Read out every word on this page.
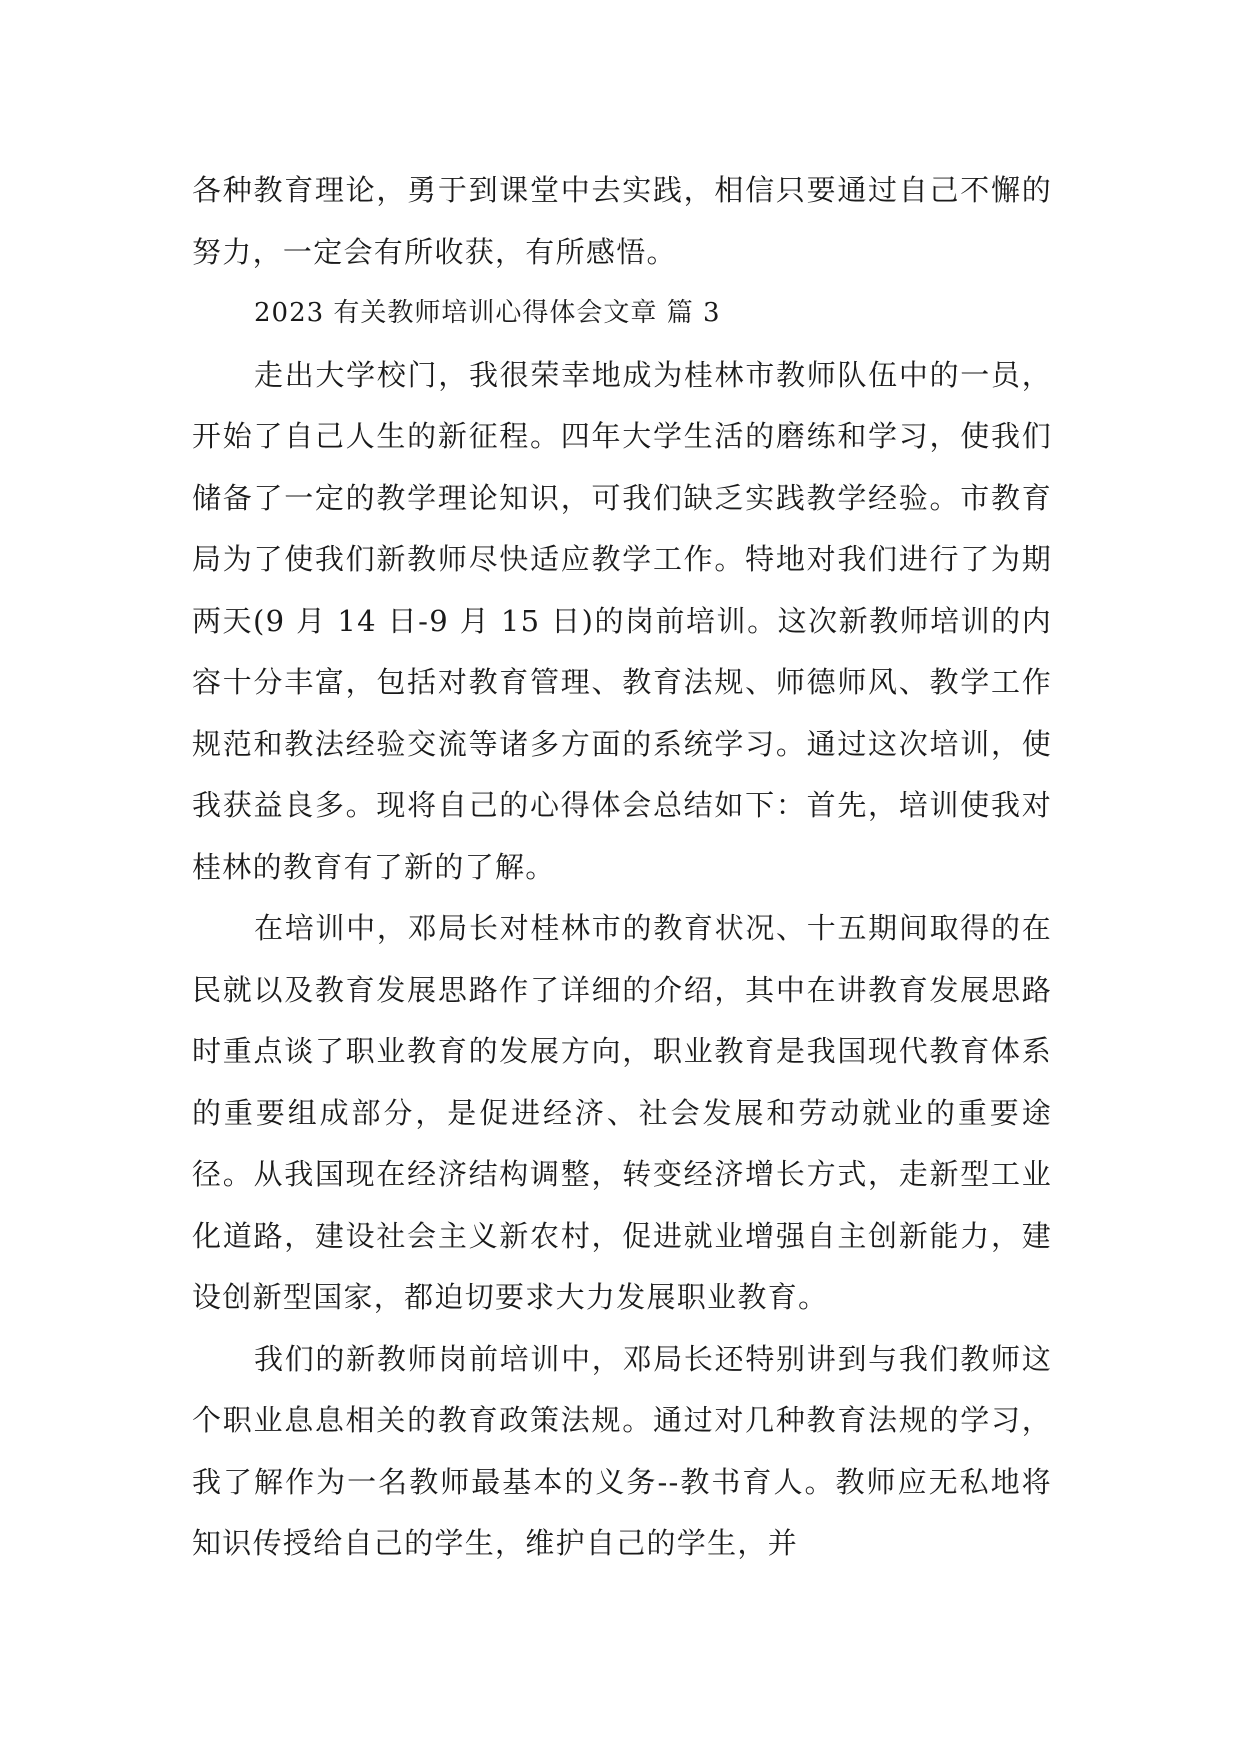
各种教育理论，勇于到课堂中去实践，相信只要通过自己不懈的努力，一定会有所收获，有所感悟。

2023 有关教师培训心得体会文章 篇 3

走出大学校门，我很荣幸地成为桂林市教师队伍中的一员，开始了自己人生的新征程。四年大学生活的磨练和学习，使我们储备了一定的教学理论知识，可我们缺乏实践教学经验。市教育局为了使我们新教师尽快适应教学工作。特地对我们进行了为期两天(9 月 14 日-9 月 15 日)的岗前培训。这次新教师培训的内容十分丰富，包括对教育管理、教育法规、师德师风、教学工作规范和教法经验交流等诸多方面的系统学习。通过这次培训，使我获益良多。现将自己的心得体会总结如下：首先，培训使我对桂林的教育有了新的了解。

在培训中，邓局长对桂林市的教育状况、十五期间取得的在民就以及教育发展思路作了详细的介绍，其中在讲教育发展思路时重点谈了职业教育的发展方向，职业教育是我国现代教育体系的重要组成部分，是促进经济、社会发展和劳动就业的重要途径。从我国现在经济结构调整，转变经济增长方式，走新型工业化道路，建设社会主义新农村，促进就业增强自主创新能力，建设创新型国家，都迫切要求大力发展职业教育。

我们的新教师岗前培训中，邓局长还特别讲到与我们教师这个职业息息相关的教育政策法规。通过对几种教育法规的学习，我了解作为一名教师最基本的义务--教书育人。教师应无私地将知识传授给自己的学生，维护自己的学生，并
